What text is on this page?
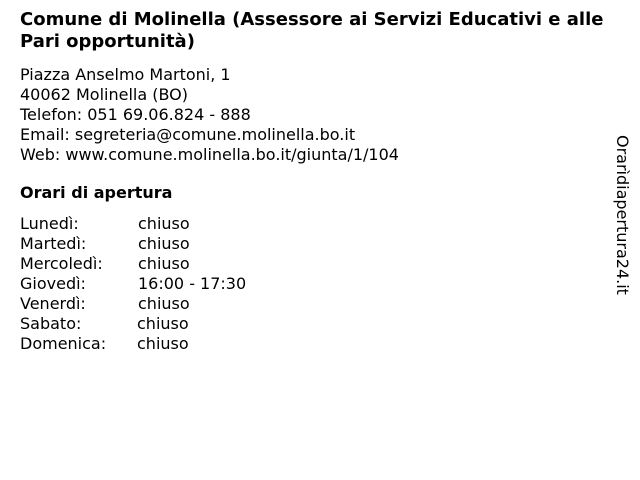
Comune di Molinella (Assessore ai Servizi Educativi e alle Pari opportunità)
Piazza Anselmo Martoni, 1
40062 Molinella (BO)
Telefon: 051 69.06.824 - 888
Email: segreteria@comune.molinella.bo.it
Web: www.comune.molinella.bo.it/giunta/1/104
Orari di apertura
Lunedì:	chiuso
Martedì:	chiuso
Mercoledì: chiuso
Giovedì:	16:00 - 17:30
Venerdì:	chiuso
Sabato:	chiuso
Domenica: chiuso
Orarìdiapertura24.it
